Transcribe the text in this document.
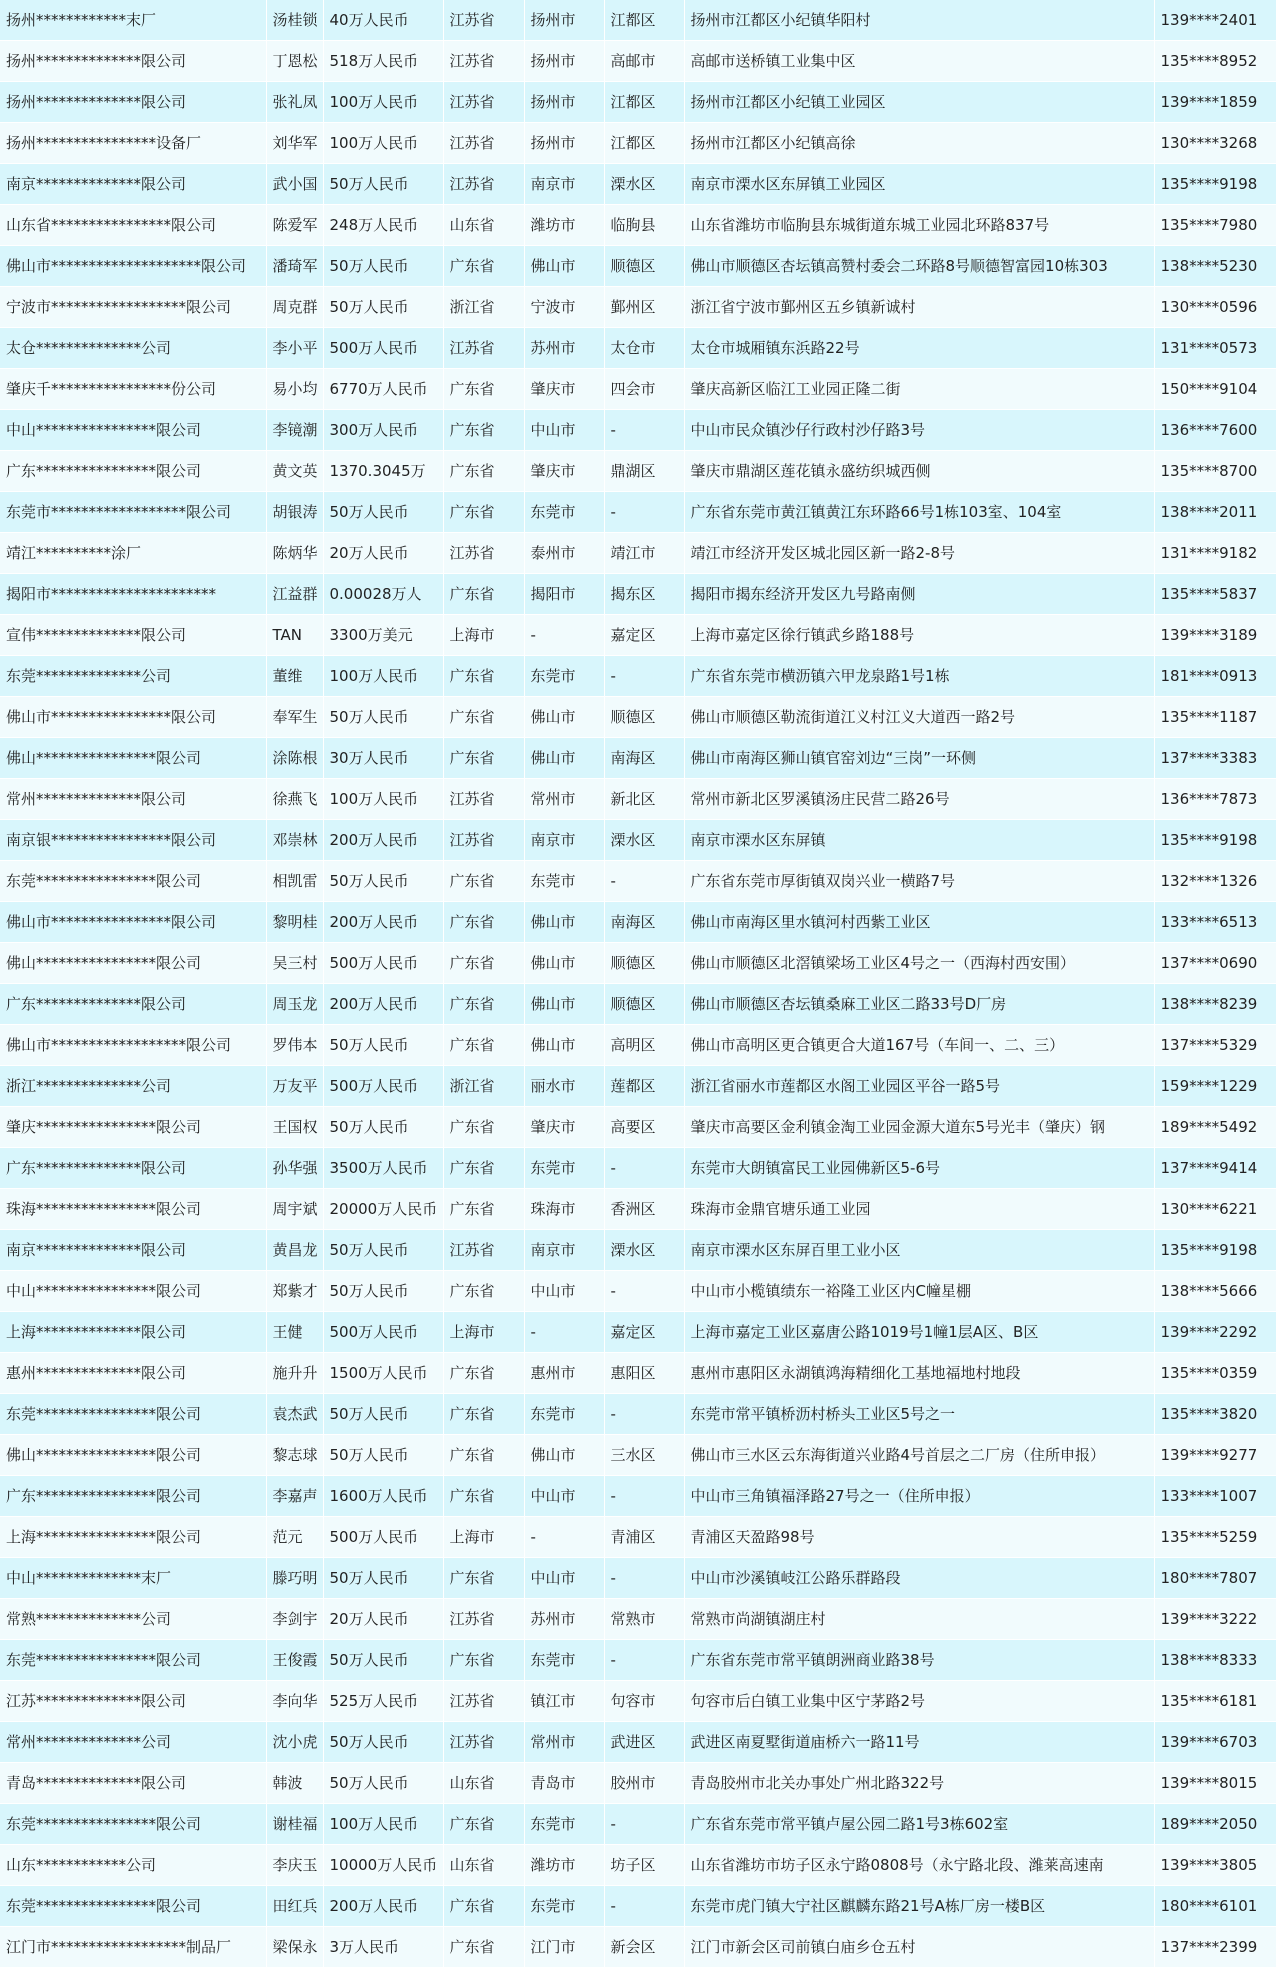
扬州************末厂	汤桂锁	40万人民币	江苏省	扬州市	江都区	扬州市江都区小纪镇华阳村	139****2401
扬州**************限公司	丁恩松	518万人民币	江苏省	扬州市	高邮市	高邮市送桥镇工业集中区	135****8952
扬州**************限公司	张礼凤	100万人民币	江苏省	扬州市	江都区	扬州市江都区小纪镇工业园区	139****1859
扬州****************设备厂	刘华军	100万人民币	江苏省	扬州市	江都区	扬州市江都区小纪镇高徐	130****3268
南京**************限公司	武小国	50万人民币	江苏省	南京市	溧水区	南京市溧水区东屏镇工业园区	135****9198
山东省****************限公司	陈爱军	248万人民币	山东省	潍坊市	临朐县	山东省潍坊市临朐县东城街道东城工业园北环路837号	135****7980
佛山市********************限公司	潘琦军	50万人民币	广东省	佛山市	顺德区	佛山市顺德区杏坛镇高赞村委会二环路8号顺德智富园10栋303	138****5230
宁波市******************限公司	周克群	50万人民币	浙江省	宁波市	鄞州区	浙江省宁波市鄞州区五乡镇新诚村	130****0596
太仓**************公司	李小平	500万人民币	江苏省	苏州市	太仓市	太仓市城厢镇东浜路22号	131****0573
肇庆千****************份公司	易小均	6770万人民币	广东省	肇庆市	四会市	肇庆高新区临江工业园正隆二街	150****9104
中山****************限公司	李镜潮	300万人民币	广东省	中山市	-	中山市民众镇沙仔行政村沙仔路3号	136****7600
广东****************限公司	黄文英	1370.3045万	广东省	肇庆市	鼎湖区	肇庆市鼎湖区莲花镇永盛纺织城西侧	135****8700
东莞市******************限公司	胡银涛	50万人民币	广东省	东莞市	-	广东省东莞市黄江镇黄江东环路66号1栋103室、104室	138****2011
靖江**********涂厂	陈炳华	20万人民币	江苏省	泰州市	靖江市	靖江市经济开发区城北园区新一路2-8号	131****9182
揭阳市**********************	江益群	0.00028万人	广东省	揭阳市	揭东区	揭阳市揭东经济开发区九号路南侧	135****5837
宣伟**************限公司	TAN	3300万美元	上海市	-	嘉定区	上海市嘉定区徐行镇武乡路188号	139****3189
东莞**************公司	董维	100万人民币	广东省	东莞市	-	广东省东莞市横沥镇六甲龙泉路1号1栋	181****0913
佛山市****************限公司	奉军生	50万人民币	广东省	佛山市	顺德区	佛山市顺德区勒流街道江义村江义大道西一路2号	135****1187
佛山****************限公司	涂陈根	30万人民币	广东省	佛山市	南海区	佛山市南海区狮山镇官窑刘边“三岗”一环侧	137****3383
常州**************限公司	徐燕飞	100万人民币	江苏省	常州市	新北区	常州市新北区罗溪镇汤庄民营二路26号	136****7873
南京银****************限公司	邓崇林	200万人民币	江苏省	南京市	溧水区	南京市溧水区东屏镇	135****9198
东莞****************限公司	相凯雷	50万人民币	广东省	东莞市	-	广东省东莞市厚街镇双岗兴业一横路7号	132****1326
佛山市****************限公司	黎明桂	200万人民币	广东省	佛山市	南海区	佛山市南海区里水镇河村西紫工业区	133****6513
佛山****************限公司	吴三村	500万人民币	广东省	佛山市	顺德区	佛山市顺德区北滘镇梁场工业区4号之一（西海村西安围）	137****0690
广东**************限公司	周玉龙	200万人民币	广东省	佛山市	顺德区	佛山市顺德区杏坛镇桑麻工业区二路33号D厂房	138****8239
佛山市******************限公司	罗伟本	50万人民币	广东省	佛山市	高明区	佛山市高明区更合镇更合大道167号（车间一、二、三）	137****5329
浙江**************公司	万友平	500万人民币	浙江省	丽水市	莲都区	浙江省丽水市莲都区水阁工业园区平谷一路5号	159****1229
肇庆****************限公司	王国权	50万人民币	广东省	肇庆市	高要区	肇庆市高要区金利镇金淘工业园金源大道东5号光丰（肇庆）钢	189****5492
广东**************限公司	孙华强	3500万人民币	广东省	东莞市	-	东莞市大朗镇富民工业园佛新区5-6号	137****9414
珠海****************限公司	周宇斌	20000万人民币	广东省	珠海市	香洲区	珠海市金鼎官塘乐通工业园	130****6221
南京**************限公司	黄昌龙	50万人民币	江苏省	南京市	溧水区	南京市溧水区东屏百里工业小区	135****9198
中山****************限公司	郑紫才	50万人民币	广东省	中山市	-	中山市小榄镇绩东一裕隆工业区内C幢星棚	138****5666
上海**************限公司	王健	500万人民币	上海市	-	嘉定区	上海市嘉定工业区嘉唐公路1019号1幢1层A区、B区	139****2292
惠州**************限公司	施升升	1500万人民币	广东省	惠州市	惠阳区	惠州市惠阳区永湖镇鸿海精细化工基地福地村地段	135****0359
东莞****************限公司	袁杰武	50万人民币	广东省	东莞市	-	东莞市常平镇桥沥村桥头工业区5号之一	135****3820
佛山****************限公司	黎志球	50万人民币	广东省	佛山市	三水区	佛山市三水区云东海街道兴业路4号首层之二厂房（住所申报）	139****9277
广东****************限公司	李嘉声	1600万人民币	广东省	中山市	-	中山市三角镇福泽路27号之一（住所申报）	133****1007
上海****************限公司	范元	500万人民币	上海市	-	青浦区	青浦区天盈路98号	135****5259
中山**************末厂	滕巧明	50万人民币	广东省	中山市	-	中山市沙溪镇岐江公路乐群路段	180****7807
常熟**************公司	李剑宇	20万人民币	江苏省	苏州市	常熟市	常熟市尚湖镇湖庄村	139****3222
东莞****************限公司	王俊霞	50万人民币	广东省	东莞市	-	广东省东莞市常平镇朗洲商业路38号	138****8333
江苏**************限公司	李向华	525万人民币	江苏省	镇江市	句容市	句容市后白镇工业集中区宁茅路2号	135****6181
常州**************公司	沈小虎	50万人民币	江苏省	常州市	武进区	武进区南夏墅街道庙桥六一路11号	139****6703
青岛**************限公司	韩波	50万人民币	山东省	青岛市	胶州市	青岛胶州市北关办事处广州北路322号	139****8015
东莞****************限公司	谢桂福	100万人民币	广东省	东莞市	-	广东省东莞市常平镇卢屋公园二路1号3栋602室	189****2050
山东************公司	李庆玉	10000万人民币	山东省	潍坊市	坊子区	山东省潍坊市坊子区永宁路0808号（永宁路北段、潍莱高速南	139****3805
东莞****************限公司	田红兵	200万人民币	广东省	东莞市	-	东莞市虎门镇大宁社区麒麟东路21号A栋厂房一楼B区	180****6101
江门市******************制品厂	梁保永	3万人民币	广东省	江门市	新会区	江门市新会区司前镇白庙乡仓五村	137****2399
